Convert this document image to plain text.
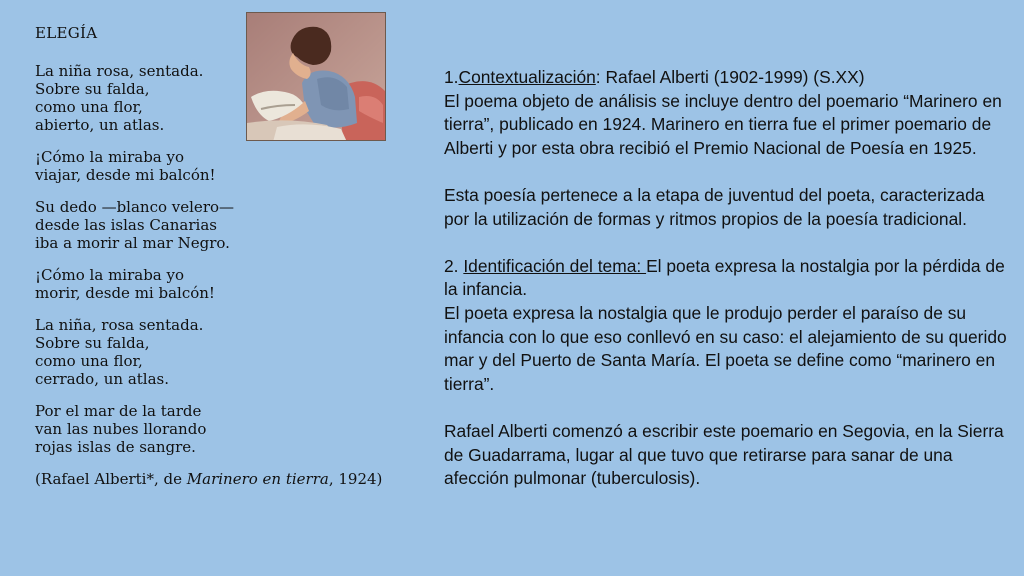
ELEGÍA
La niña rosa, sentada.
Sobre su falda,
como una flor,
abierto, un atlas.
¡Cómo la miraba yo
viajar, desde mi balcón!
Su dedo —blanco velero—
desde las islas Canarias
iba a morir al mar Negro.
¡Cómo la miraba yo
morir, desde mi balcón!
La niña, rosa sentada.
Sobre su falda,
como una flor,
cerrado, un atlas.
Por el mar de la tarde
van las nubes llorando
rojas islas de sangre.
(Rafael Alberti*, de Marinero en tierra, 1924)

1.Contextualización: Rafael Alberti (1902-1999) (S.XX)

El poema objeto de análisis se incluye dentro del poemario “Marinero en tierra”, publicado en 1924. Marinero en tierra fue el primer poemario de Alberti y por esta obra recibió el Premio Nacional de Poesía en 1925.

Esta poesía pertenece a la etapa de juventud del poeta, caracterizada por la utilización de formas y ritmos propios de la poesía tradicional.

2. Identificación del tema: El poeta expresa la nostalgia por la pérdida de la infancia.

El poeta expresa la nostalgia que le produjo perder el paraíso de su infancia con lo que eso conllevó en su caso: el alejamiento de su querido mar y del Puerto de Santa María. El poeta se define como “marinero en tierra”.

Rafael Alberti comenzó a escribir este poemario en Segovia, en la Sierra de Guadarrama, lugar al que tuvo que retirarse para sanar de una afección pulmonar (tuberculosis).
